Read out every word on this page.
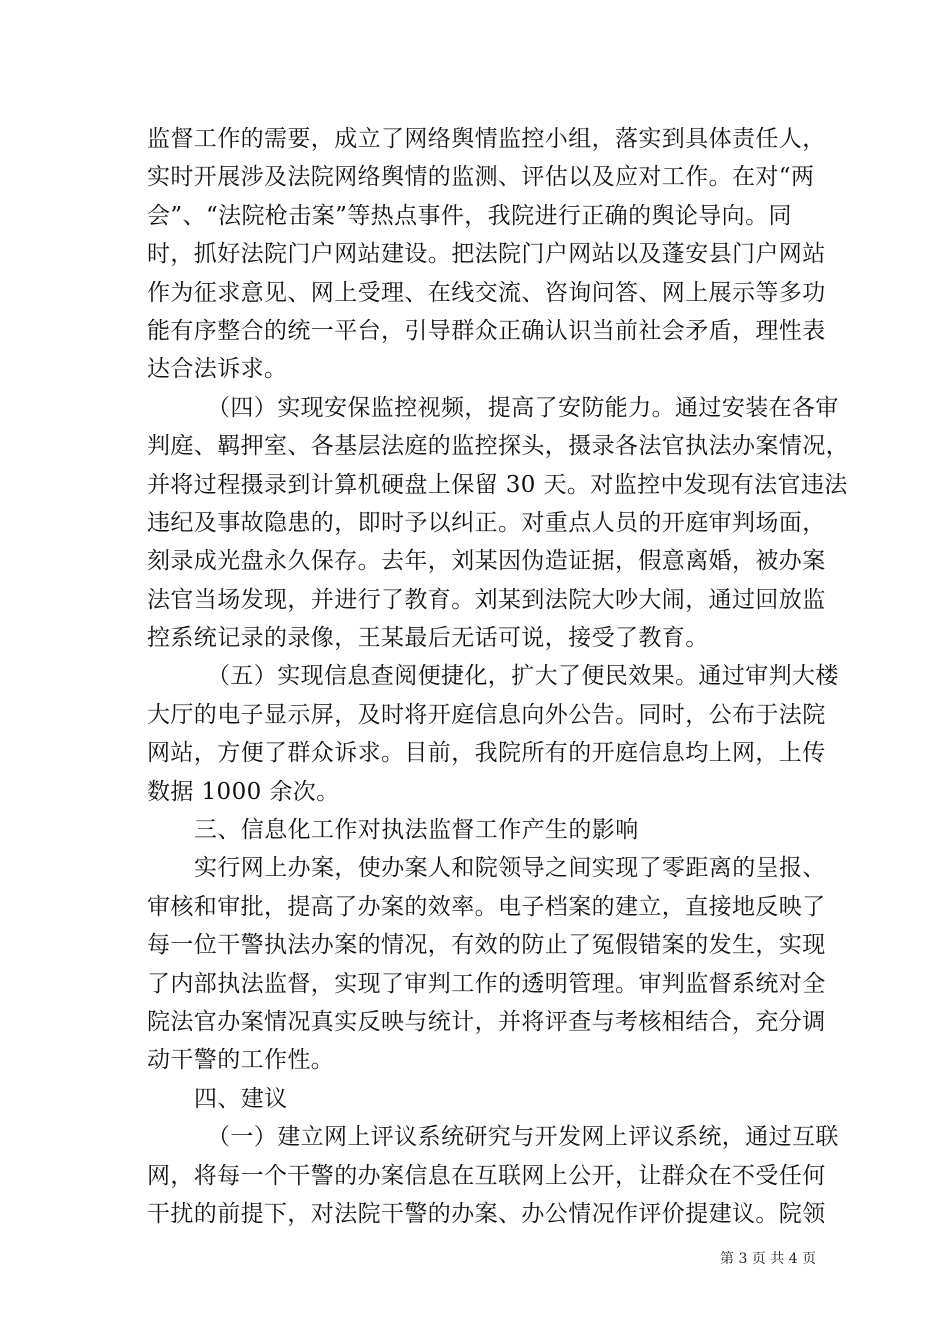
监督工作的需要，成立了网络舆情监控小组，落实到具体责任人，
实时开展涉及法院网络舆情的监测、评估以及应对工作。在对“两
会”、“法院枪击案”等热点事件，我院进行正确的舆论导向。同
时，抓好法院门户网站建设。把法院门户网站以及蓬安县门户网站
作为征求意见、网上受理、在线交流、咨询问答、网上展示等多功
能有序整合的统一平台，引导群众正确认识当前社会矛盾，理性表
达合法诉求。
（四）实现安保监控视频，提高了安防能力。通过安装在各审
判庭、羁押室、各基层法庭的监控探头，摄录各法官执法办案情况，
并将过程摄录到计算机硬盘上保留 30 天。对监控中发现有法官违法
违纪及事故隐患的，即时予以纠正。对重点人员的开庭审判场面，
刻录成光盘永久保存。去年，刘某因伪造证据，假意离婚，被办案
法官当场发现，并进行了教育。刘某到法院大吵大闹，通过回放监
控系统记录的录像，王某最后无话可说，接受了教育。
（五）实现信息查阅便捷化，扩大了便民效果。通过审判大楼
大厅的电子显示屏，及时将开庭信息向外公告。同时，公布于法院
网站，方便了群众诉求。目前，我院所有的开庭信息均上网，上传
数据 1000 余次。
三、信息化工作对执法监督工作产生的影响
实行网上办案，使办案人和院领导之间实现了零距离的呈报、
审核和审批，提高了办案的效率。电子档案的建立，直接地反映了
每一位干警执法办案的情况，有效的防止了冤假错案的发生，实现
了内部执法监督，实现了审判工作的透明管理。审判监督系统对全
院法官办案情况真实反映与统计，并将评查与考核相结合，充分调
动干警的工作性。
四、建议
（一）建立网上评议系统研究与开发网上评议系统，通过互联
网，将每一个干警的办案信息在互联网上公开，让群众在不受任何
干扰的前提下，对法院干警的办案、办公情况作评价提建议。院领
第 3 页 共 4 页
